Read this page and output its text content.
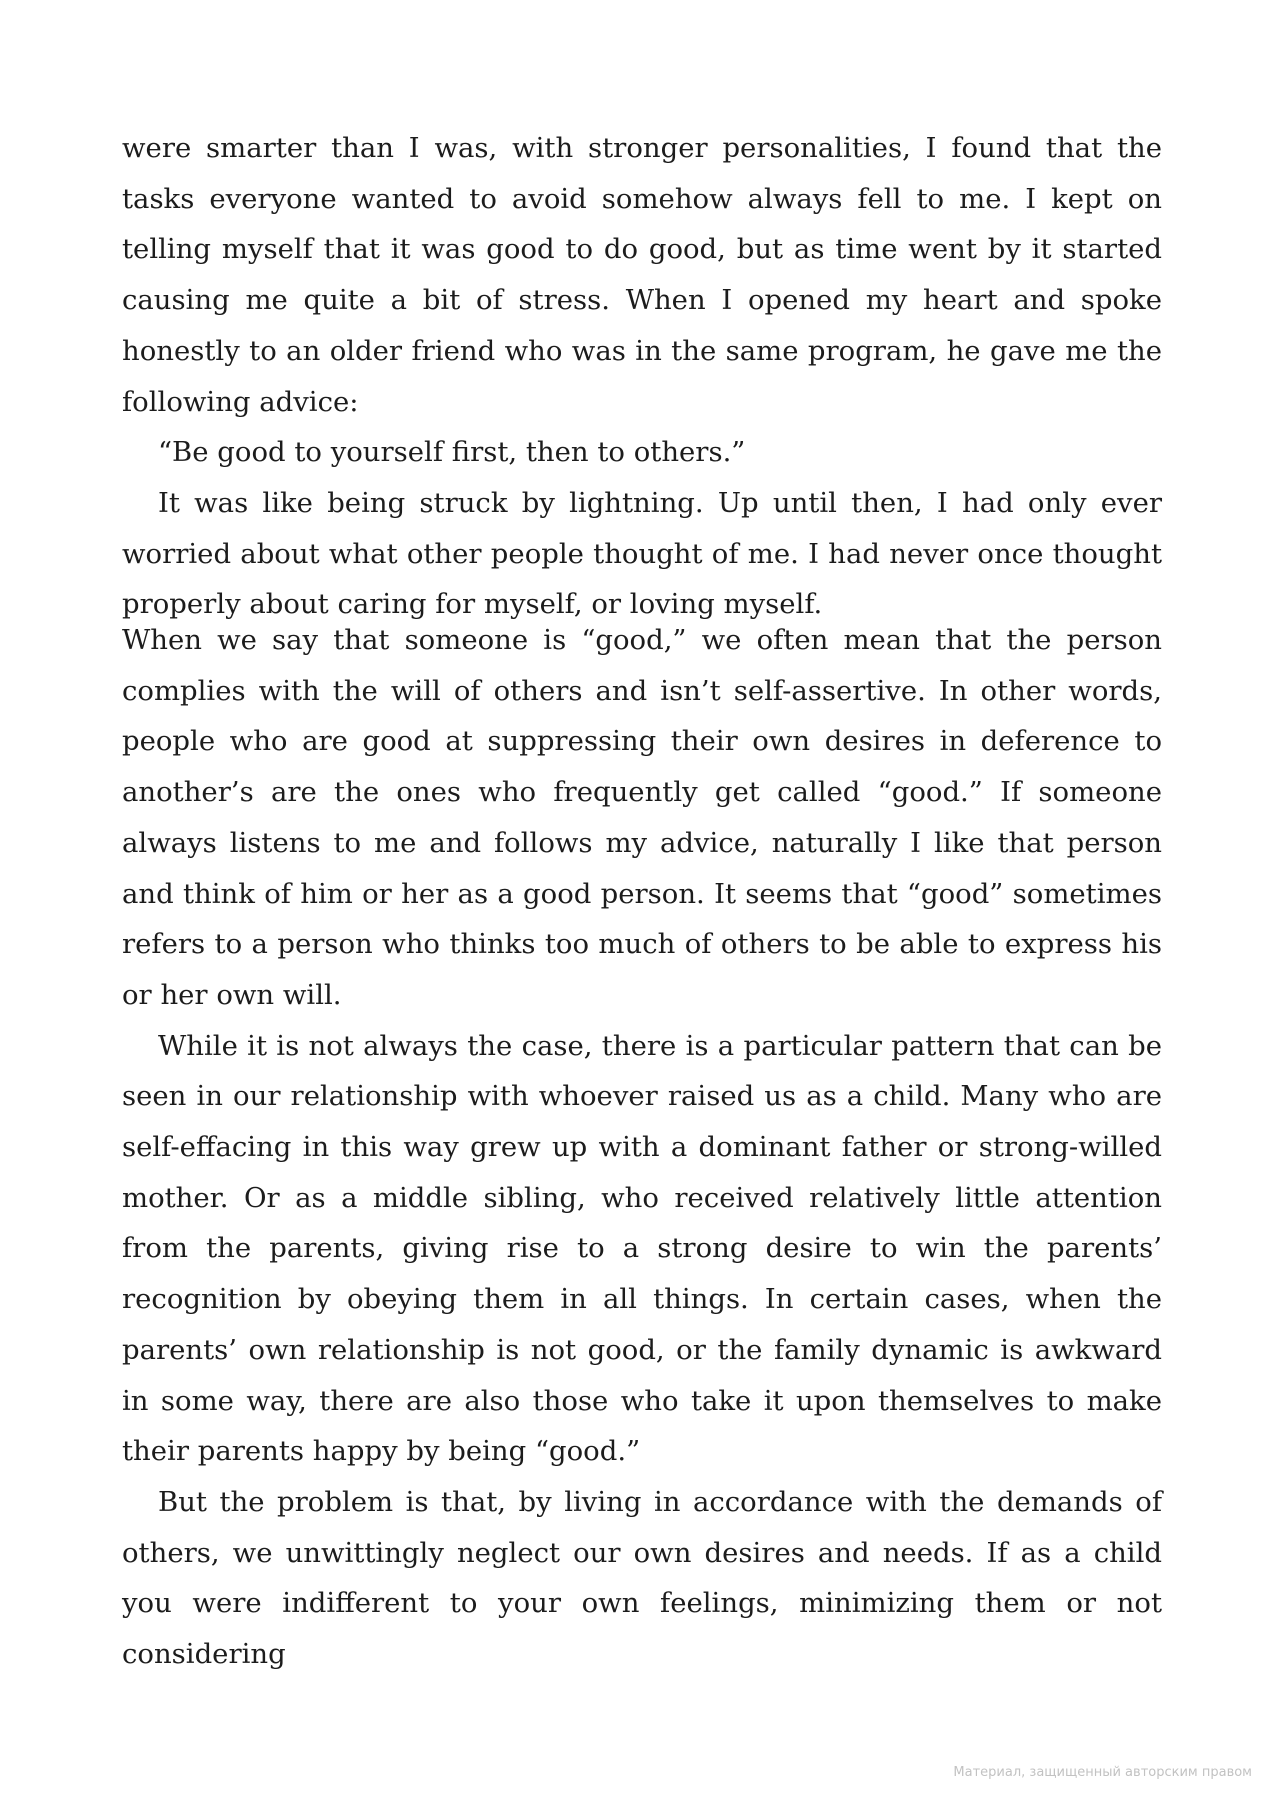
were smarter than I was, with stronger personalities, I found that the tasks everyone wanted to avoid somehow always fell to me. I kept on telling myself that it was good to do good, but as time went by it started causing me quite a bit of stress. When I opened my heart and spoke honestly to an older friend who was in the same program, he gave me the following advice:

“Be good to yourself first, then to others.”

It was like being struck by lightning. Up until then, I had only ever worried about what other people thought of me. I had never once thought properly about caring for myself, or loving myself.

When we say that someone is “good,” we often mean that the person complies with the will of others and isn’t self-assertive. In other words, people who are good at suppressing their own desires in deference to another’s are the ones who frequently get called “good.” If someone always listens to me and follows my advice, naturally I like that person and think of him or her as a good person. It seems that “good” sometimes refers to a person who thinks too much of others to be able to express his or her own will.

While it is not always the case, there is a particular pattern that can be seen in our relationship with whoever raised us as a child. Many who are self-effacing in this way grew up with a dominant father or strong-willed mother. Or as a middle sibling, who received relatively little attention from the parents, giving rise to a strong desire to win the parents’ recognition by obeying them in all things. In certain cases, when the parents’ own relationship is not good, or the family dynamic is awkward in some way, there are also those who take it upon themselves to make their parents happy by being “good.”

But the problem is that, by living in accordance with the demands of others, we unwittingly neglect our own desires and needs. If as a child you were indifferent to your own feelings, minimizing them or not considering

Материал, защищенный авторским правом
